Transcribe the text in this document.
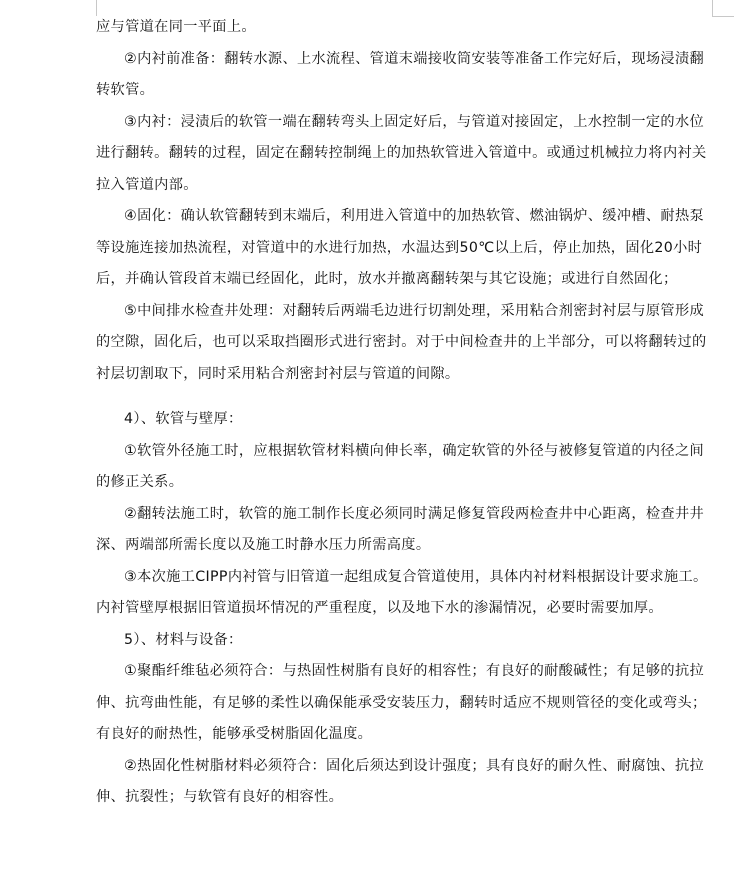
应与管道在同一平面上。

②内衬前准备：翻转水源、上水流程、管道末端接收筒安装等准备工作完好后，现场浸渍翻转软管。

③内衬：浸渍后的软管一端在翻转弯头上固定好后，与管道对接固定，上水控制一定的水位进行翻转。翻转的过程，固定在翻转控制绳上的加热软管进入管道中。或通过机械拉力将内衬关拉入管道内部。

④固化：确认软管翻转到末端后，利用进入管道中的加热软管、燃油锅炉、缓冲槽、耐热泵等设施连接加热流程，对管道中的水进行加热，水温达到50℃以上后，停止加热，固化20小时后，并确认管段首末端已经固化，此时，放水并撤离翻转架与其它设施；或进行自然固化；

⑤中间排水检查井处理：对翻转后两端毛边进行切割处理，采用粘合剂密封衬层与原管形成的空隙，固化后，也可以采取挡圈形式进行密封。对于中间检查井的上半部分，可以将翻转过的衬层切割取下，同时采用粘合剂密封衬层与管道的间隙。

4）、软管与壁厚：

①软管外径施工时，应根据软管材料横向伸长率，确定软管的外径与被修复管道的内径之间的修正关系。

②翻转法施工时，软管的施工制作长度必须同时满足修复管段两检查井中心距离，检查井井深、两端部所需长度以及施工时静水压力所需高度。

③本次施工CIPP内衬管与旧管道一起组成复合管道使用，具体内衬材料根据设计要求施工。内衬管壁厚根据旧管道损坏情况的严重程度，以及地下水的渗漏情况，必要时需要加厚。

5）、材料与设备：

①聚酯纤维毡必须符合：与热固性树脂有良好的相容性；有良好的耐酸碱性；有足够的抗拉伸、抗弯曲性能，有足够的柔性以确保能承受安装压力，翻转时适应不规则管径的变化或弯头；有良好的耐热性，能够承受树脂固化温度。

②热固化性树脂材料必须符合：固化后须达到设计强度；具有良好的耐久性、耐腐蚀、抗拉伸、抗裂性；与软管有良好的相容性。
